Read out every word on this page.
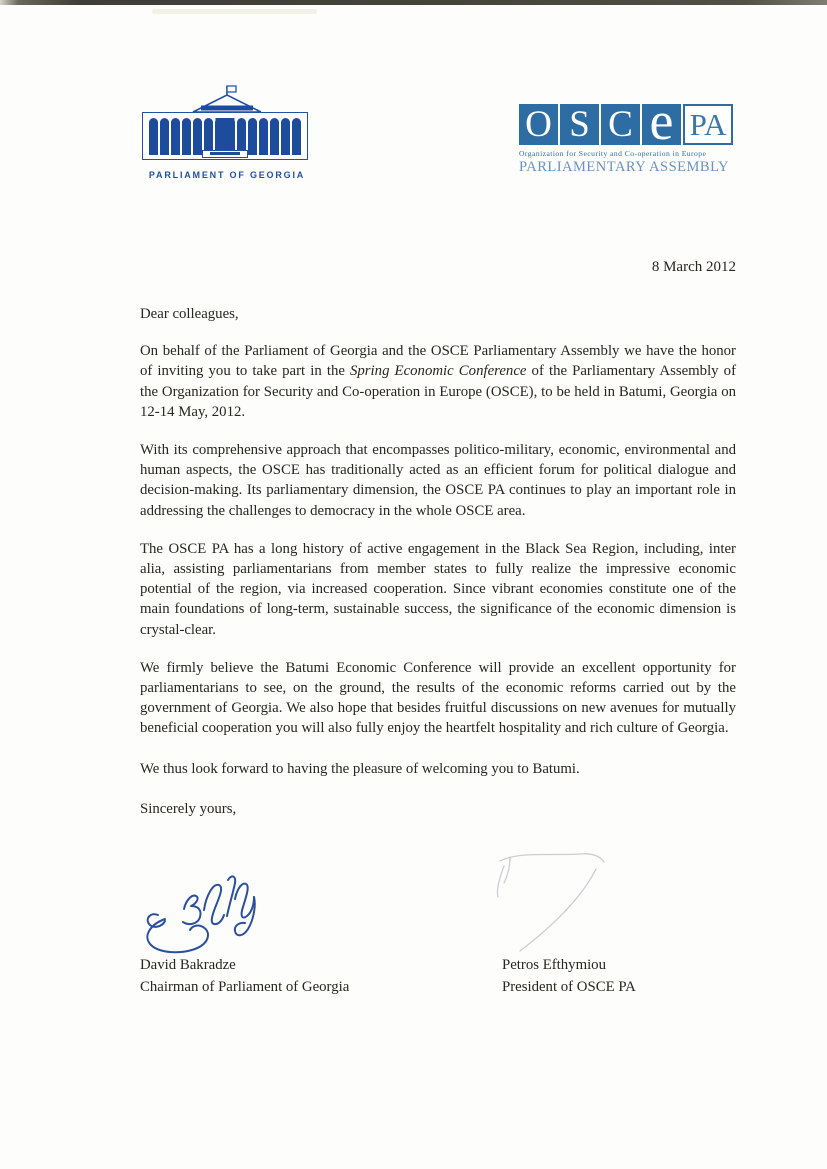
PARLIAMENT OF GEORGIA
O S C e PA
Organization for Security and Co-operation in Europe
PARLIAMENTARY ASSEMBLY
8 March 2012

Dear colleagues,

On behalf of the Parliament of Georgia and the OSCE Parliamentary Assembly we have the honor of inviting you to take part in the Spring Economic Conference of the Parliamentary Assembly of the Organization for Security and Co-operation in Europe (OSCE), to be held in Batumi, Georgia on 12-14 May, 2012.

With its comprehensive approach that encompasses politico-military, economic, environmental and human aspects, the OSCE has traditionally acted as an efficient forum for political dialogue and decision-making. Its parliamentary dimension, the OSCE PA continues to play an important role in addressing the challenges to democracy in the whole OSCE area.

The OSCE PA has a long history of active engagement in the Black Sea Region, including, inter alia, assisting parliamentarians from member states to fully realize the impressive economic potential of the region, via increased cooperation. Since vibrant economies constitute one of the main foundations of long-term, sustainable success, the significance of the economic dimension is crystal-clear.

We firmly believe the Batumi Economic Conference will provide an excellent opportunity for parliamentarians to see, on the ground, the results of the economic reforms carried out by the government of Georgia. We also hope that besides fruitful discussions on new avenues for mutually beneficial cooperation you will also fully enjoy the heartfelt hospitality and rich culture of Georgia.

We thus look forward to having the pleasure of welcoming you to Batumi.

Sincerely yours,

David Bakradze
Chairman of Parliament of Georgia
Petros Efthymiou
President of OSCE PA
